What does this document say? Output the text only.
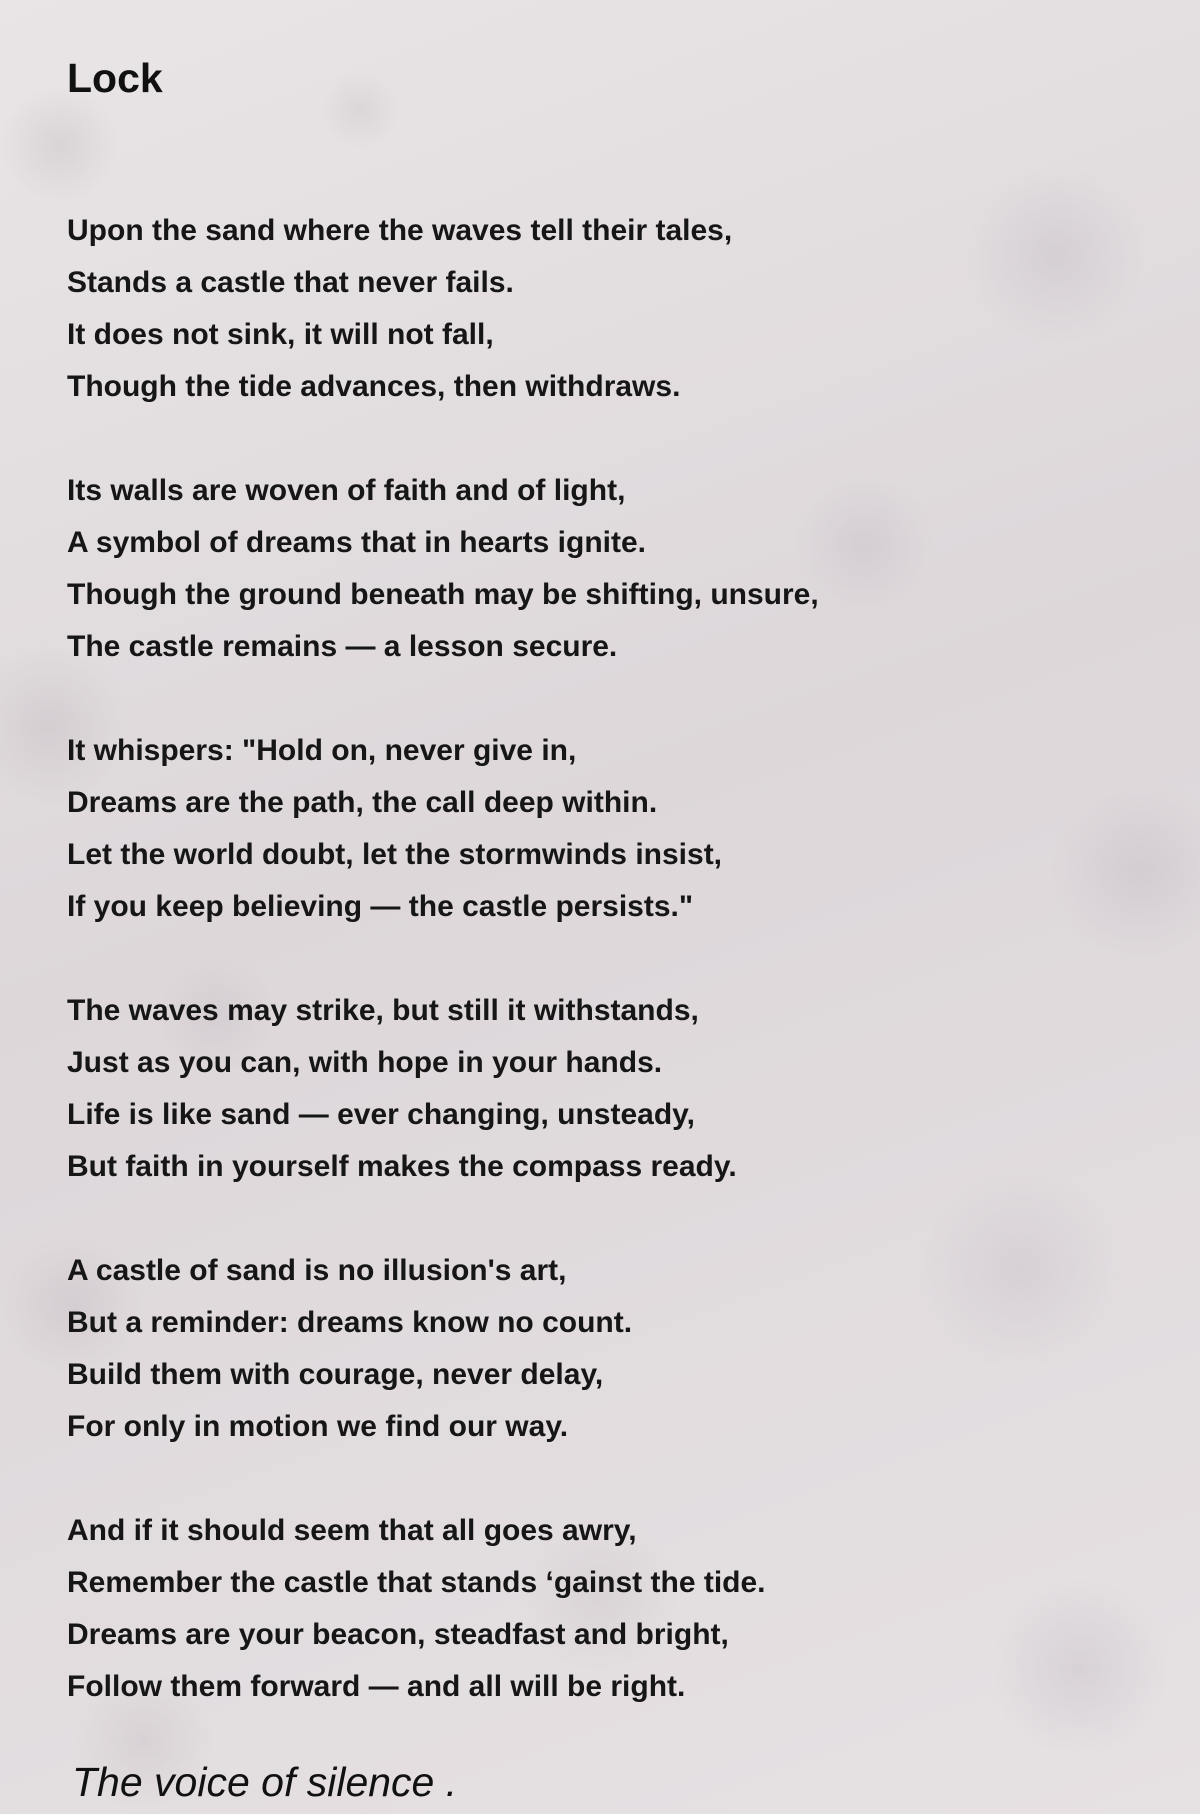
Lock
Upon the sand where the waves tell their tales,
Stands a castle that never fails.
It does not sink, it will not fall,
Though the tide advances, then withdraws.
Its walls are woven of faith and of light,
A symbol of dreams that in hearts ignite.
Though the ground beneath may be shifting, unsure,
The castle remains — a lesson secure.
It whispers: "Hold on, never give in,
Dreams are the path, the call deep within.
Let the world doubt, let the stormwinds insist,
If you keep believing — the castle persists."
The waves may strike, but still it withstands,
Just as you can, with hope in your hands.
Life is like sand — ever changing, unsteady,
But faith in yourself makes the compass ready.
A castle of sand is no illusion's art,
But a reminder: dreams know no count.
Build them with courage, never delay,
For only in motion we find our way.
And if it should seem that all goes awry,
Remember the castle that stands ‘gainst the tide.
Dreams are your beacon, steadfast and bright,
Follow them forward — and all will be right.
The voice of silence .
